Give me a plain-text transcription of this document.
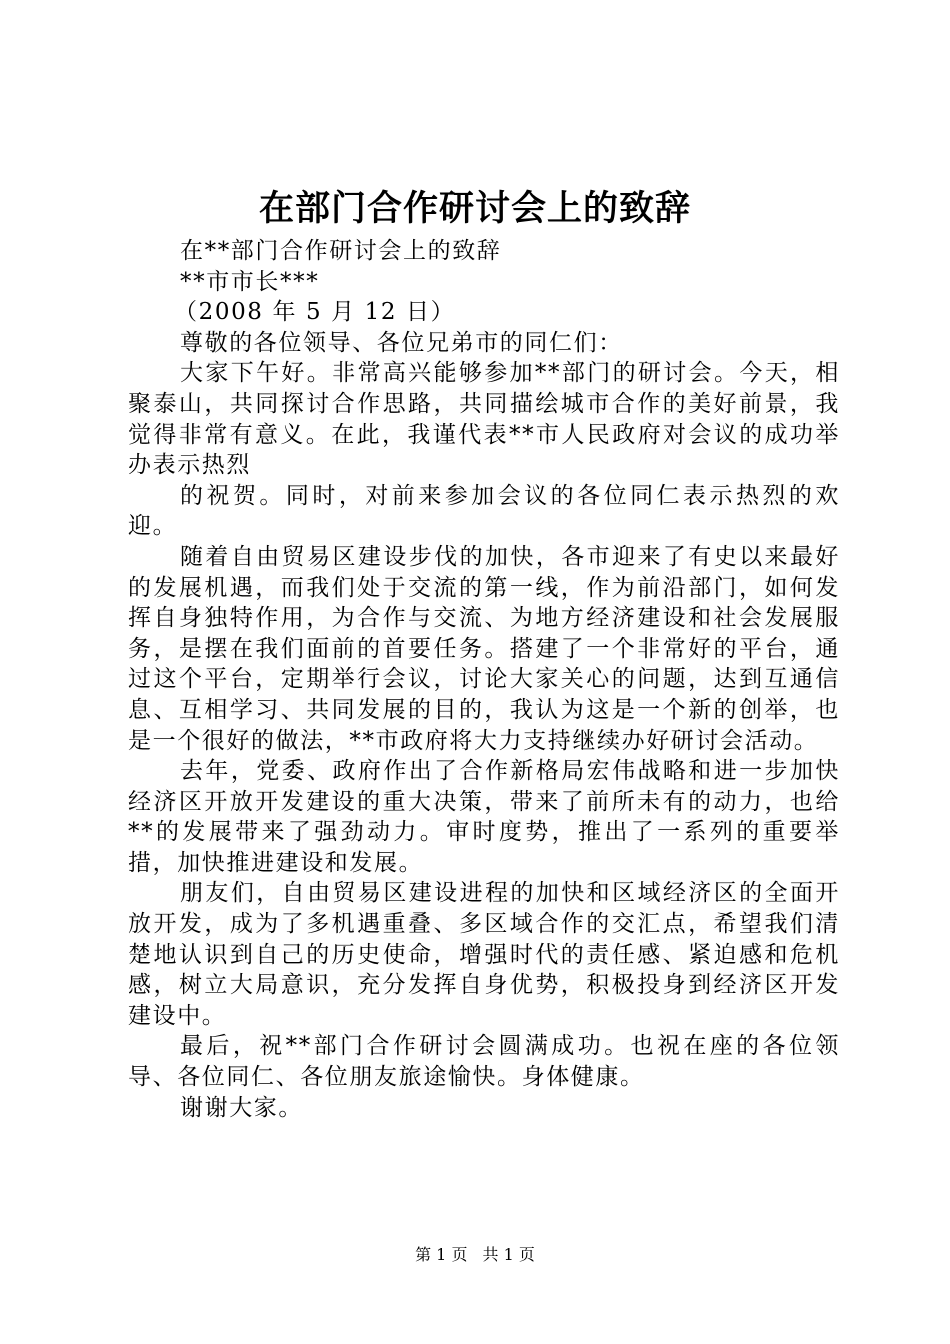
在部门合作研讨会上的致辞

在**部门合作研讨会上的致辞

**市市长***

（2008 年 5 月 12 日）

尊敬的各位领导、各位兄弟市的同仁们：

大家下午好。非常高兴能够参加**部门的研讨会。今天，相聚泰山，共同探讨合作思路，共同描绘城市合作的美好前景，我觉得非常有意义。在此，我谨代表**市人民政府对会议的成功举办表示热烈

的祝贺。同时，对前来参加会议的各位同仁表示热烈的欢迎。

随着自由贸易区建设步伐的加快，各市迎来了有史以来最好的发展机遇，而我们处于交流的第一线，作为前沿部门，如何发挥自身独特作用，为合作与交流、为地方经济建设和社会发展服务，是摆在我们面前的首要任务。搭建了一个非常好的平台，通过这个平台，定期举行会议，讨论大家关心的问题，达到互通信息、互相学习、共同发展的目的，我认为这是一个新的创举，也是一个很好的做法，**市政府将大力支持继续办好研讨会活动。

去年，党委、政府作出了合作新格局宏伟战略和进一步加快经济区开放开发建设的重大决策，带来了前所未有的动力，也给**的发展带来了强劲动力。审时度势，推出了一系列的重要举措，加快推进建设和发展。

朋友们，自由贸易区建设进程的加快和区域经济区的全面开放开发，成为了多机遇重叠、多区域合作的交汇点，希望我们清楚地认识到自己的历史使命，增强时代的责任感、紧迫感和危机感，树立大局意识，充分发挥自身优势，积极投身到经济区开发建设中。

最后，祝**部门合作研讨会圆满成功。也祝在座的各位领导、各位同仁、各位朋友旅途愉快。身体健康。

谢谢大家。

第 1 页 共 1 页
